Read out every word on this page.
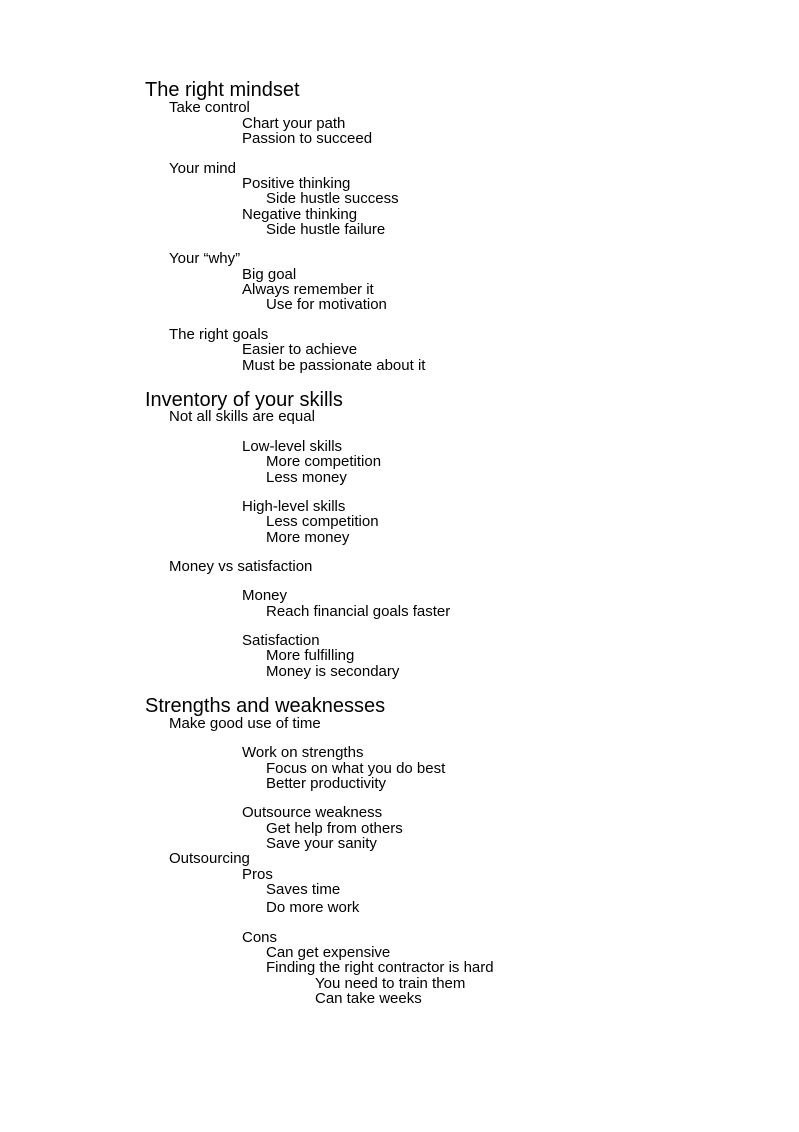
The right mindset
Take control
Chart your path
Passion to succeed
Your mind
Positive thinking
Side hustle success
Negative thinking
Side hustle failure
Your “why”
Big goal
Always remember it
Use for motivation
The right goals
Easier to achieve
Must be passionate about it
Inventory of your skills
Not all skills are equal
Low-level skills
More competition
Less money
High-level skills
Less competition
More money
Money vs satisfaction
Money
Reach financial goals faster
Satisfaction
More fulfilling
Money is secondary
Strengths and weaknesses
Make good use of time
Work on strengths
Focus on what you do best
Better productivity
Outsource weakness
Get help from others
Save your sanity
Outsourcing
Pros
Saves time
Do more work
Cons
Can get expensive
Finding the right contractor is hard
You need to train them
Can take weeks
